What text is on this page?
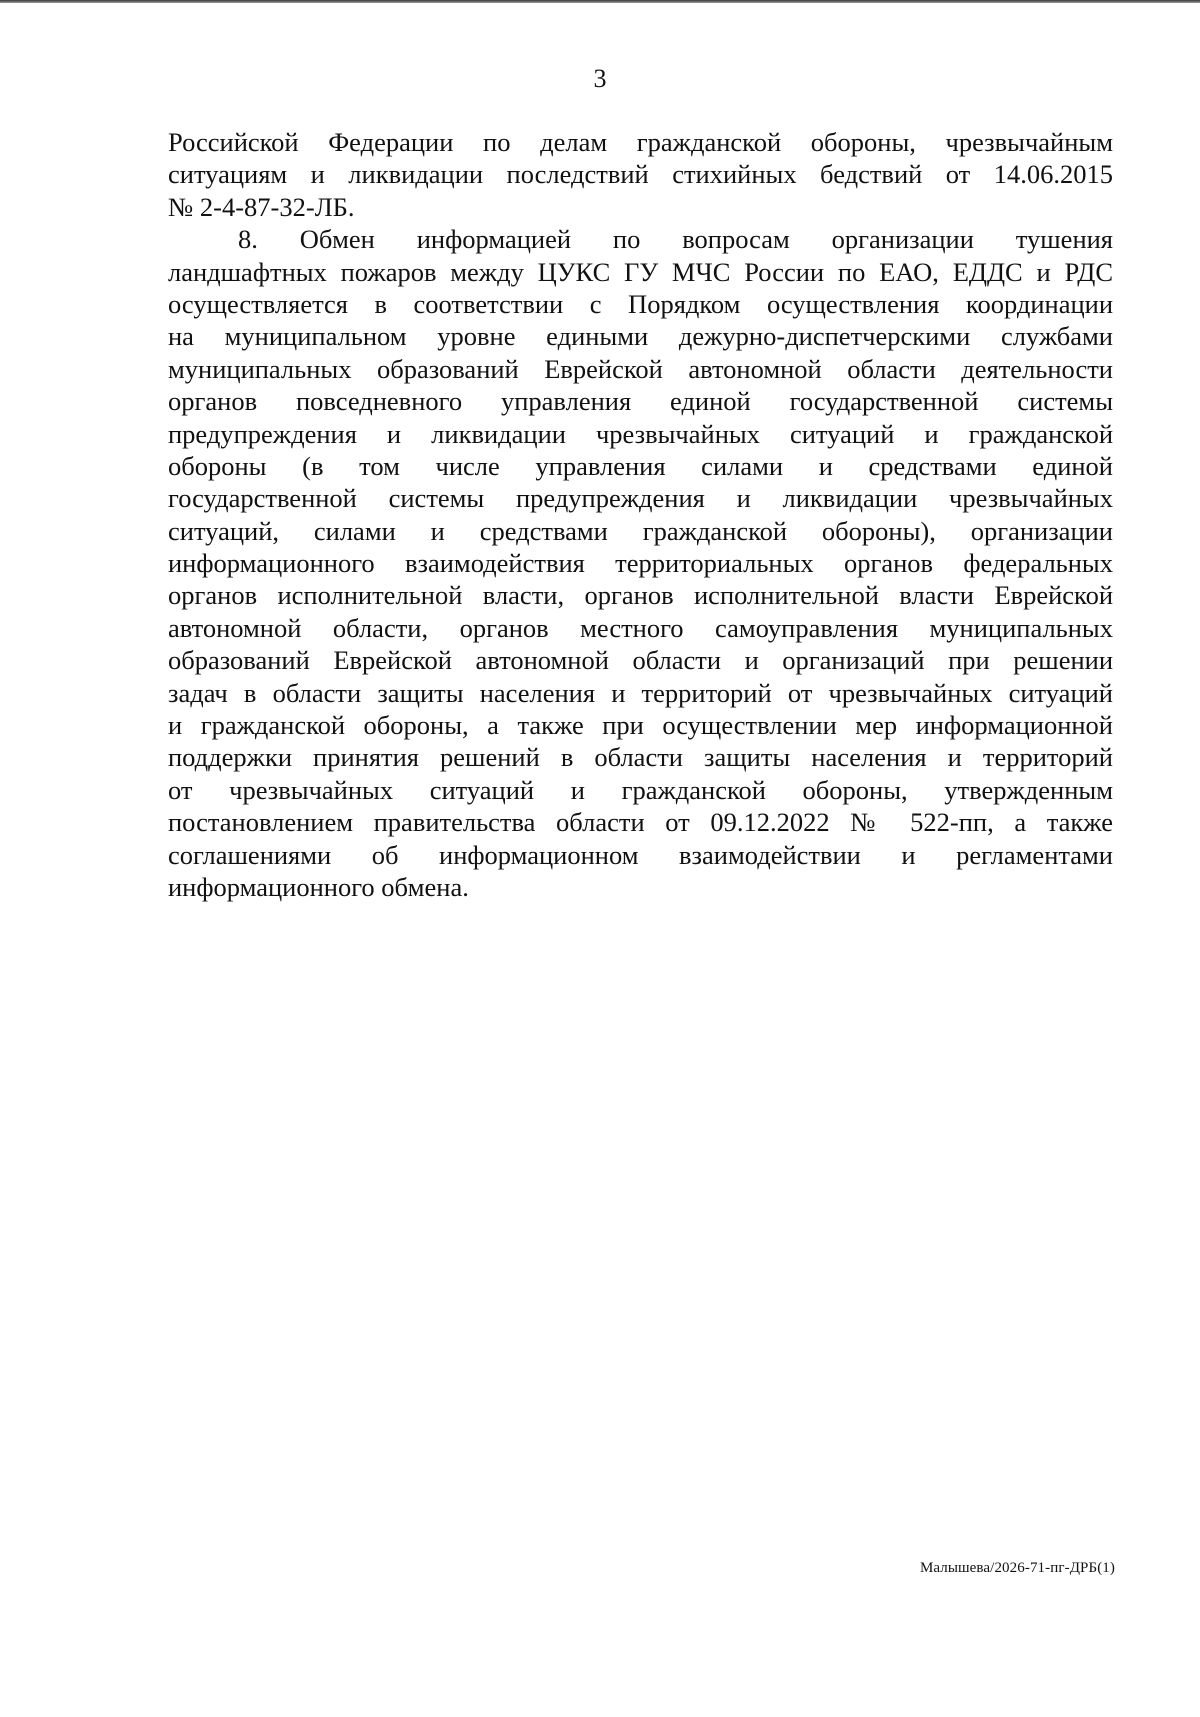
3
Российской Федерации по делам гражданской обороны, чрезвычайным
ситуациям и ликвидации последствий стихийных бедствий от 14.06.2015
№ 2-4-87-32-ЛБ.
8. Обмен информацией по вопросам организации тушения
ландшафтных пожаров между ЦУКС ГУ МЧС России по ЕАО, ЕДДС и РДС
осуществляется в соответствии с Порядком осуществления координации
на муниципальном уровне едиными дежурно-диспетчерскими службами
муниципальных образований Еврейской автономной области деятельности
органов повседневного управления единой государственной системы
предупреждения и ликвидации чрезвычайных ситуаций и гражданской
обороны (в том числе управления силами и средствами единой
государственной системы предупреждения и ликвидации чрезвычайных
ситуаций, силами и средствами гражданской обороны), организации
информационного взаимодействия территориальных органов федеральных
органов исполнительной власти, органов исполнительной власти Еврейской
автономной области, органов местного самоуправления муниципальных
образований Еврейской автономной области и организаций при решении
задач в области защиты населения и территорий от чрезвычайных ситуаций
и гражданской обороны, а также при осуществлении мер информационной
поддержки принятия решений в области защиты населения и территорий
от чрезвычайных ситуаций и гражданской обороны, утвержденным
постановлением правительства области от 09.12.2022 № 522-пп, а также
соглашениями об информационном взаимодействии и регламентами
информационного обмена.
Малышева/2026-71-пг-ДРБ(1)
